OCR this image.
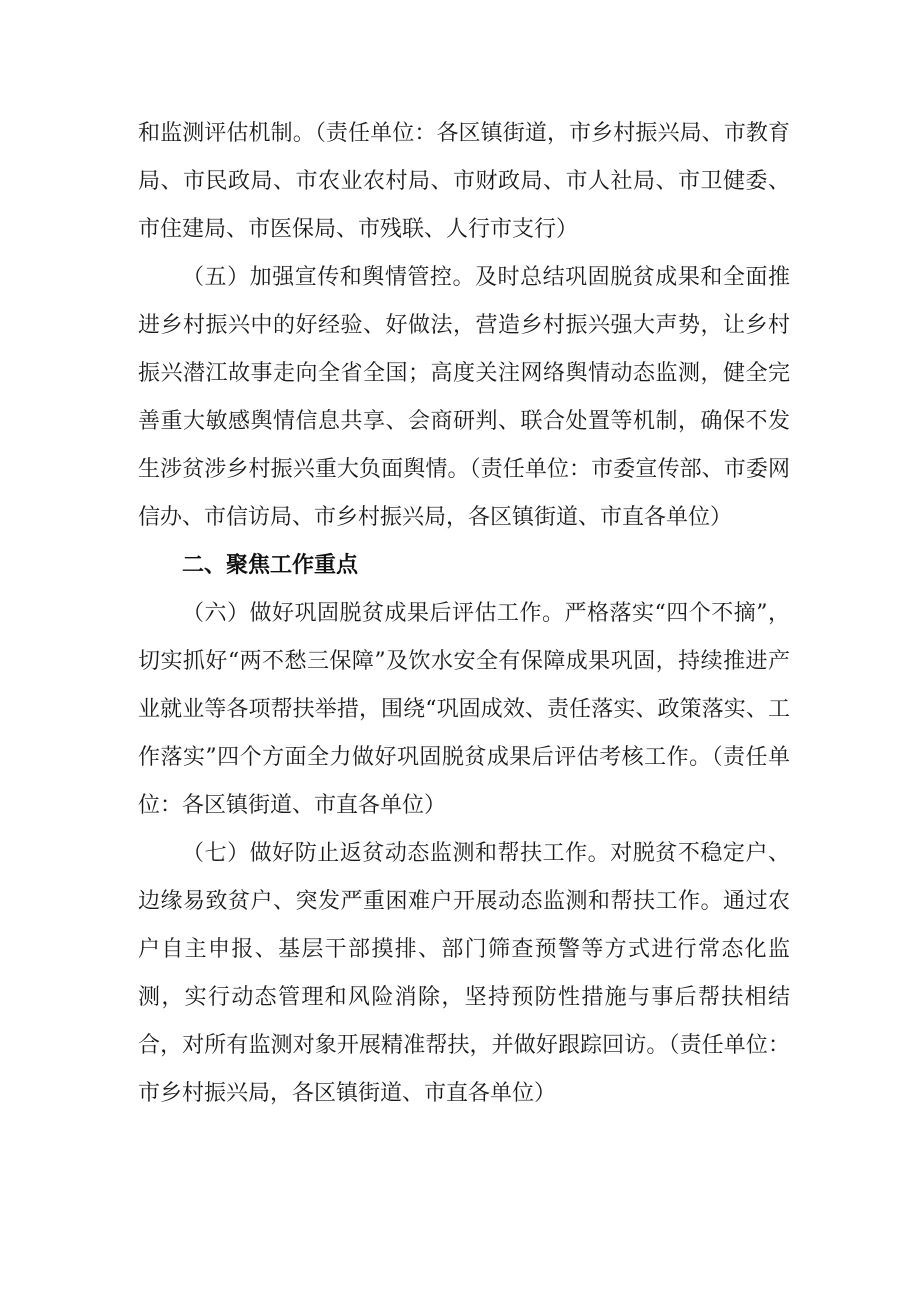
和监测评估机制。（责任单位：各区镇街道，市乡村振兴局、市教育局、市民政局、市农业农村局、市财政局、市人社局、市卫健委、市住建局、市医保局、市残联、人行市支行）

（五）加强宣传和舆情管控。及时总结巩固脱贫成果和全面推进乡村振兴中的好经验、好做法，营造乡村振兴强大声势，让乡村振兴潜江故事走向全省全国；高度关注网络舆情动态监测，健全完善重大敏感舆情信息共享、会商研判、联合处置等机制，确保不发生涉贫涉乡村振兴重大负面舆情。（责任单位：市委宣传部、市委网信办、市信访局、市乡村振兴局，各区镇街道、市直各单位）

二、聚焦工作重点

（六）做好巩固脱贫成果后评估工作。严格落实“四个不摘”，切实抓好“两不愁三保障”及饮水安全有保障成果巩固，持续推进产业就业等各项帮扶举措，围绕“巩固成效、责任落实、政策落实、工作落实”四个方面全力做好巩固脱贫成果后评估考核工作。（责任单位：各区镇街道、市直各单位）

（七）做好防止返贫动态监测和帮扶工作。对脱贫不稳定户、边缘易致贫户、突发严重困难户开展动态监测和帮扶工作。通过农户自主申报、基层干部摸排、部门筛查预警等方式进行常态化监测，实行动态管理和风险消除，坚持预防性措施与事后帮扶相结合，对所有监测对象开展精准帮扶，并做好跟踪回访。（责任单位：市乡村振兴局，各区镇街道、市直各单位）
